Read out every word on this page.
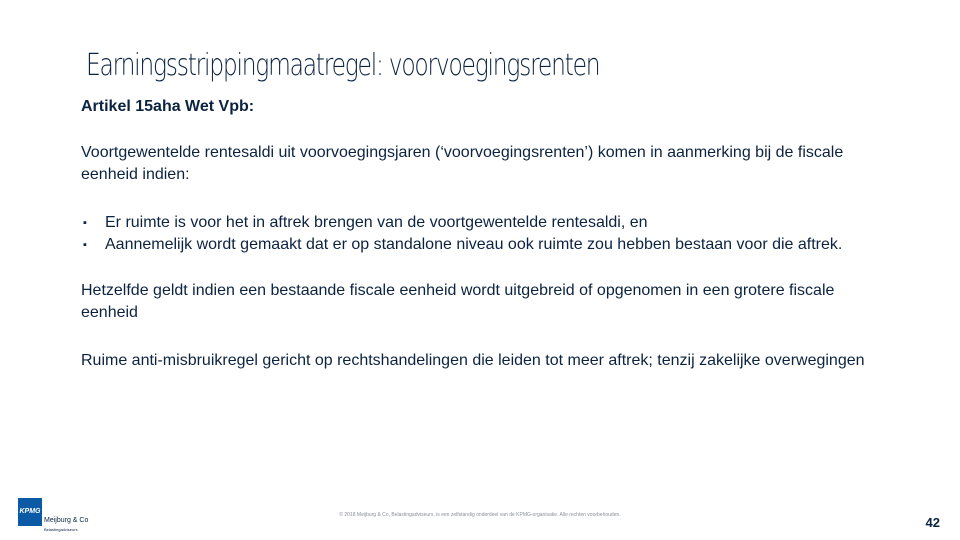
Earningsstrippingmaatregel: voorvoegingsrenten

Artikel 15aha Wet Vpb:

Voortgewentelde rentesaldi uit voorvoegingsjaren (‘voorvoegingsrenten’) komen in aanmerking bij de fiscale eenheid indien:

▪ Er ruimte is voor het in aftrek brengen van de voortgewentelde rentesaldi, en
▪ Aannemelijk wordt gemaakt dat er op standalone niveau ook ruimte zou hebben bestaan voor die aftrek.

Hetzelfde geldt indien een bestaande fiscale eenheid wordt uitgebreid of opgenomen in een grotere fiscale eenheid

Ruime anti-misbruikregel gericht op rechtshandelingen die leiden tot meer aftrek; tenzij zakelijke overwegingen

KPMG
Meijburg & Co
Belastingadviseurs
© 2018 Meijburg & Co, Belastingadviseurs, is een zelfstandig onderdeel van de KPMG-organisatie. Alle rechten voorbehouden.	42
